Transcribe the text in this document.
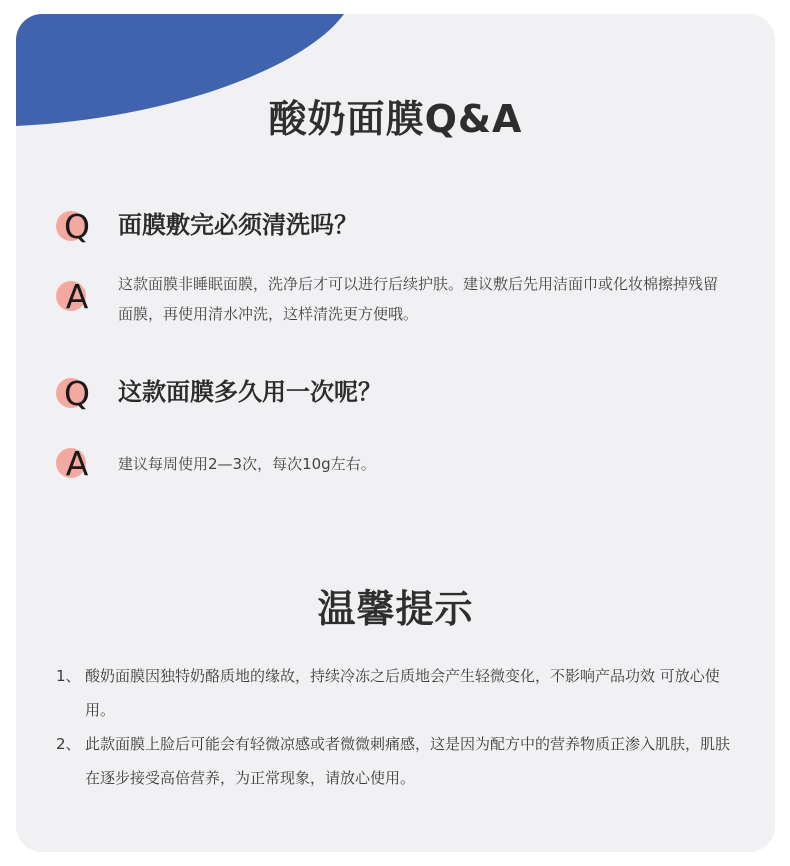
酸奶面膜Q&A
Q 面膜敷完必须清洗吗？
A	这款面膜非睡眠面膜，洗净后才可以进行后续护肤。建议敷后先用洁面巾或化妆棉擦掉残留面膜，再使用清水冲洗，这样清洗更方便哦。
Q 这款面膜多久用一次呢？
A	建议每周使用2—3次，每次10g左右。
温馨提示
1、 酸奶面膜因独特奶酪质地的缘故，持续冷冻之后质地会产生轻微变化，不影响产品功效 可放心使用。
2、 此款面膜上脸后可能会有轻微凉感或者微微刺痛感，这是因为配方中的营养物质正渗入肌肤，肌肤在逐步接受高倍营养，为正常现象，请放心使用。
